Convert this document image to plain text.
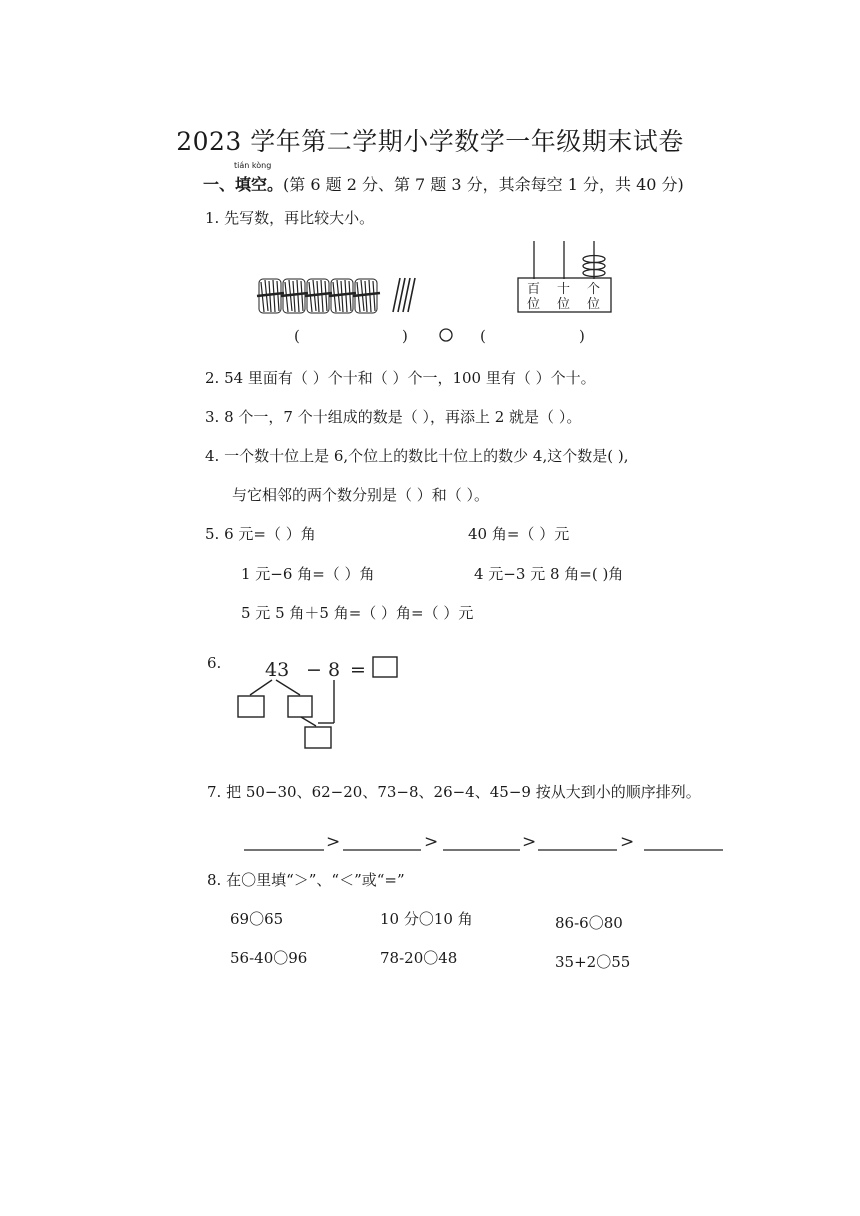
2023 学年第二学期小学数学一年级期末试卷
tián kòng
一、填空。(第 6 题 2 分、第 7 题 3 分，其余每空 1 分，共 40 分)
1. 先写数，再比较大小。
百
位
十
位
个
位
(	)	(	)
6. 43 − 8 =
>	>	>	>
2. 54 里面有（ ）个十和（ ）个一，100 里有（ ）个十。
3. 8 个一，7 个十组成的数是（ ），再添上 2 就是（ ）。
4. 一个数十位上是 6,个位上的数比十位上的数少 4,这个数是( ),
与它相邻的两个数分别是（ ）和（ ）。
5. 6 元=（ ）角	40 角=（ ）元
1 元−6 角=（ ）角	4 元−3 元 8 角=( )角
5 元 5 角＋5 角=（ ）角=（ ）元
7. 把 50−30、62−20、73−8、26−4、45−9 按从大到小的顺序排列。
8. 在〇里填“＞”、“＜”或“=”
69〇65	10 分〇10 角	86-6〇80
56-40〇96	78-20〇48	35+2〇55
